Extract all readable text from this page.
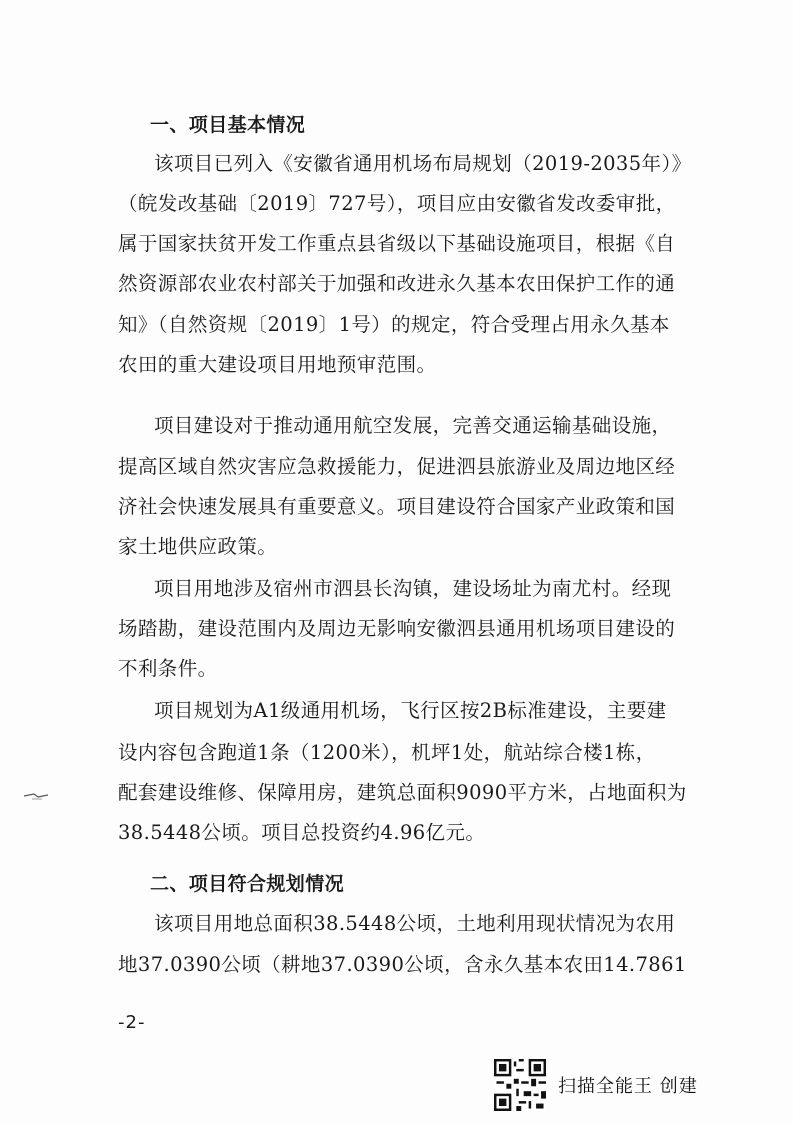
一、项目基本情况
该项目已列入《安徽省通用机场布局规划（2019-2035年）》
（皖发改基础〔2019〕727号），项目应由安徽省发改委审批，
属于国家扶贫开发工作重点县省级以下基础设施项目，根据《自
然资源部农业农村部关于加强和改进永久基本农田保护工作的通
知》（自然资规〔2019〕1号）的规定，符合受理占用永久基本
农田的重大建设项目用地预审范围。
项目建设对于推动通用航空发展，完善交通运输基础设施，
提高区域自然灾害应急救援能力，促进泗县旅游业及周边地区经
济社会快速发展具有重要意义。项目建设符合国家产业政策和国
家土地供应政策。
项目用地涉及宿州市泗县长沟镇，建设场址为南尤村。经现
场踏勘，建设范围内及周边无影响安徽泗县通用机场项目建设的
不利条件。
项目规划为A1级通用机场，飞行区按2B标准建设，主要建
设内容包含跑道1条（1200米），机坪1处，航站综合楼1栋，
配套建设维修、保障用房，建筑总面积9090平方米，占地面积为
38.5448公顷。项目总投资约4.96亿元。
二、项目符合规划情况
该项目用地总面积38.5448公顷，土地利用现状情况为农用
地37.0390公顷（耕地37.0390公顷，含永久基本农田14.7861
-2-
扫描全能王 创建
